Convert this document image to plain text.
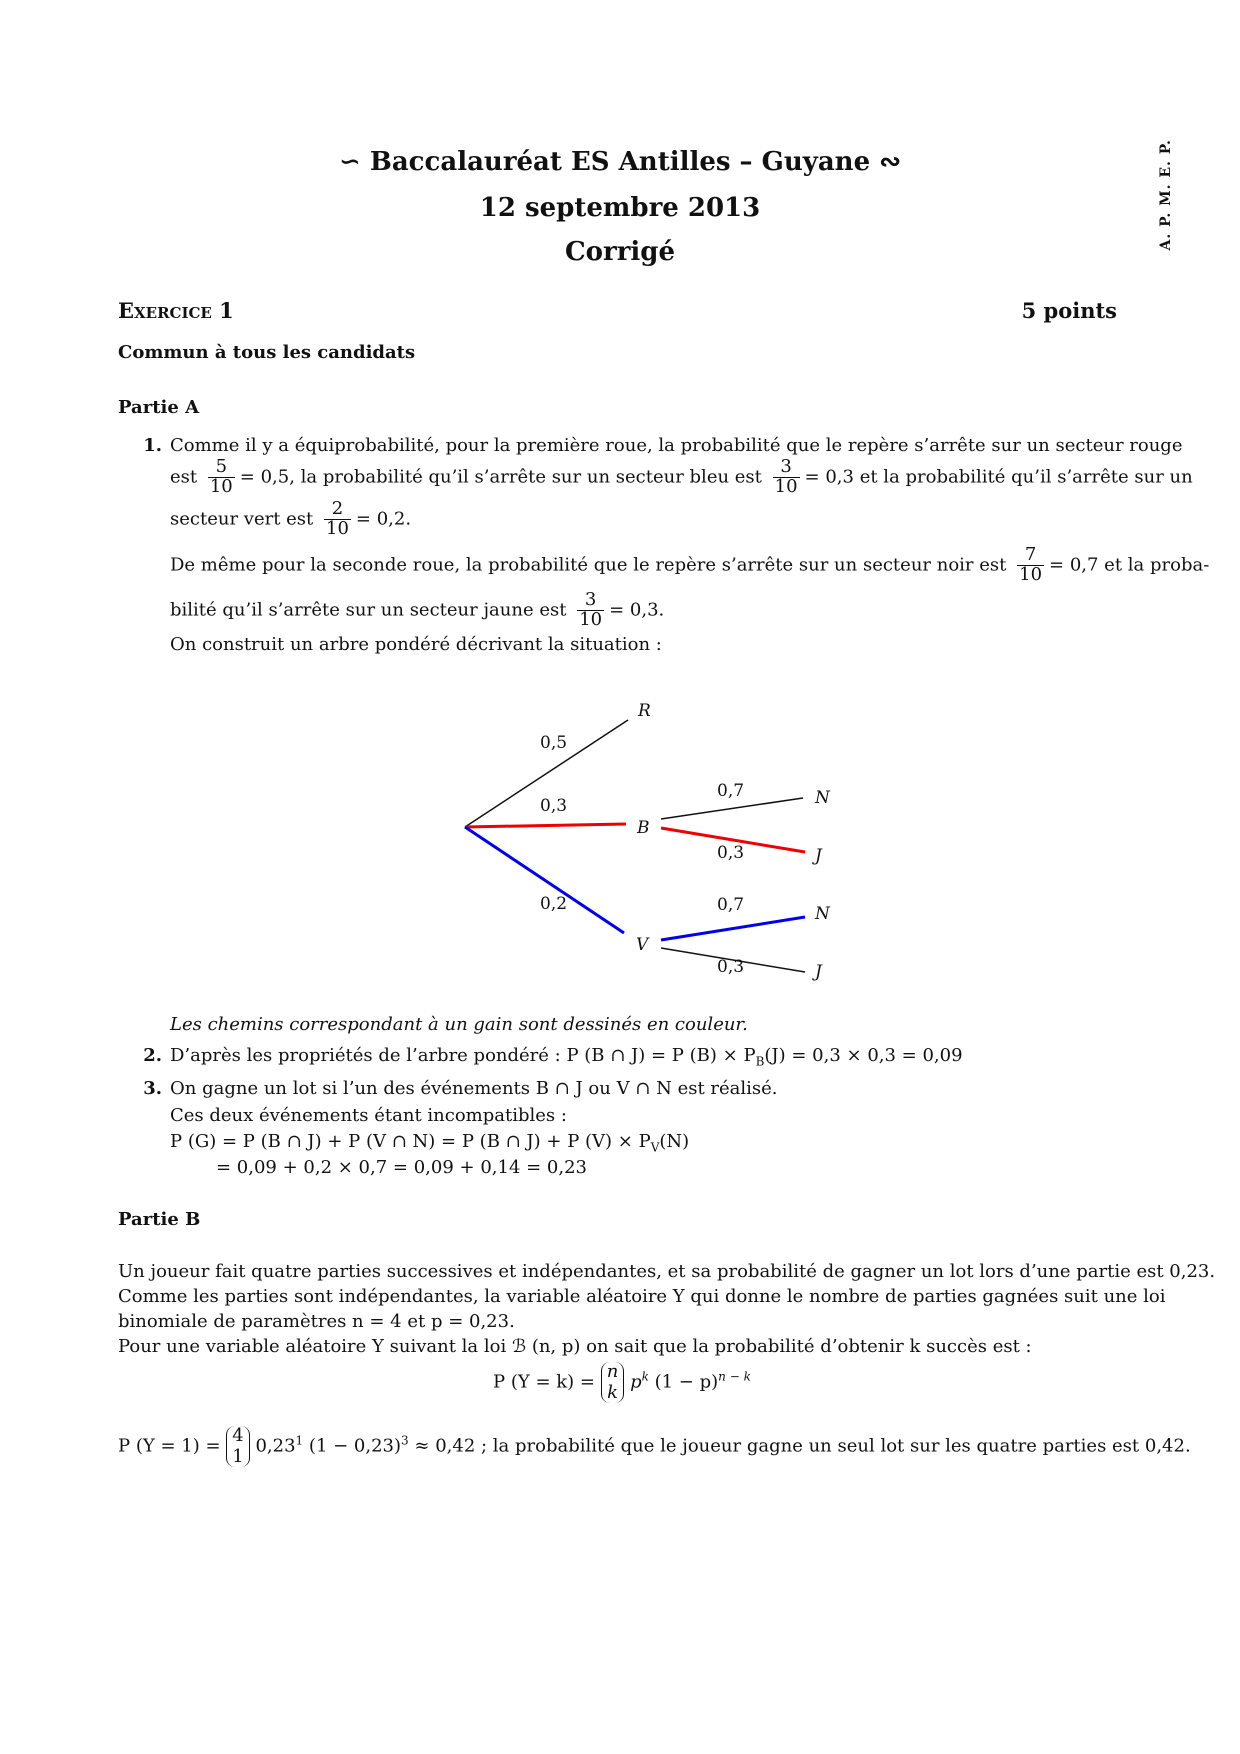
∽ Baccalauréat ES Antilles – Guyane ∾
12 septembre 2013
Corrigé
A. P. M. E. P.
Exercice 1	5 points
Commun à tous les candidats
Partie A
1. Comme il y a équiprobabilité, pour la première roue, la probabilité que le repère s’arrête sur un secteur rouge
est $\frac{5}{10} = 0,5$, la probabilité qu’il s’arrête sur un secteur bleu est $\frac{3}{10} = 0,3$ et la probabilité qu’il s’arrête sur un
secteur vert est $\frac{2}{10} = 0,2$.
De même pour la seconde roue, la probabilité que le repère s’arrête sur un secteur noir est $\frac{7}{10} = 0,7$ et la proba-
bilité qu’il s’arrête sur un secteur jaune est $\frac{3}{10} = 0,3$.
On construit un arbre pondéré décrivant la situation :
R
B
V
N
J
N
J
0,5
0,3
0,2
0,7
0,3
0,7
0,3
Les chemins correspondant à un gain sont dessinés en couleur.
2. D’après les propriétés de l’arbre pondéré : P (B ∩ J) = P $(B) \times P_B(J) = 0,3 \times 0,3 = 0,09$
3. On gagne un lot si l’un des événements B ∩ J ou V ∩ N est réalisé.
Ces deux événements étant incompatibles :
P (G) = P (B ∩ J) + P (V ∩ N) = P (B ∩ J) + P $(V) \times P_V(N)$
= 0,09 + 0,2 × 0,7 = 0,09 + 0,14 = 0,23
Partie B
Un joueur fait quatre parties successives et indépendantes, et sa probabilité de gagner un lot lors d’une partie est 0,23.
Comme les parties sont indépendantes, la variable aléatoire Y qui donne le nombre de parties gagnées suit une loi
binomiale de paramètres n = 4 et p = 0,23.
Pour une variable aléatoire Y suivant la loi ℬ (n, p) on sait que la probabilité d’obtenir k succès est :
P (Y = k) =
n
k $p^k$ $(1 - p)^{n - k}$
P (Y = 1) =
4
1 0,23$^1$ $(1 - 0,23)^3 \approx 0,42$ ; la probabilité que le joueur gagne un seul lot sur les quatre parties est 0,42.
